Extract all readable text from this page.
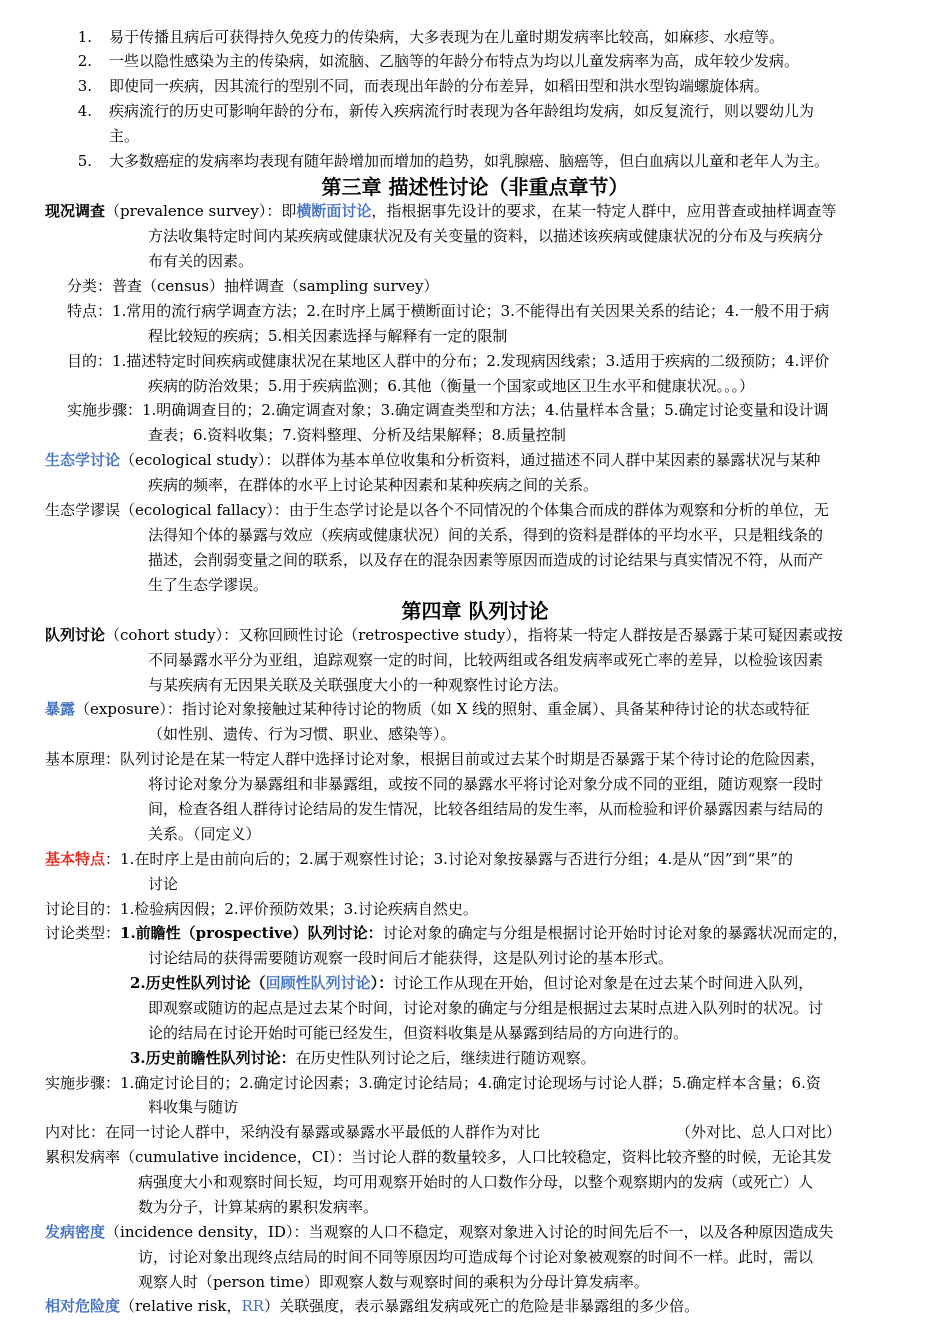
1. 易于传播且病后可获得持久免疫力的传染病，大多表现为在儿童时期发病率比较高，如麻疹、水痘等。
2. 一些以隐性感染为主的传染病，如流脑、乙脑等的年龄分布特点为均以儿童发病率为高，成年较少发病。
3. 即使同一疾病，因其流行的型别不同，而表现出年龄的分布差异，如稻田型和洪水型钩端螺旋体病。
4. 疾病流行的历史可影响年龄的分布，新传入疾病流行时表现为各年龄组均发病，如反复流行，则以婴幼儿为
主。
5. 大多数癌症的发病率均表现有随年龄增加而增加的趋势，如乳腺癌、脑癌等，但白血病以儿童和老年人为主。
第三章 描述性讨论（非重点章节）
现况调查（prevalence survey）：即横断面讨论，指根据事先设计的要求，在某一特定人群中，应用普查或抽样调查等
方法收集特定时间内某疾病或健康状况及有关变量的资料，以描述该疾病或健康状况的分布及与疾病分
布有关的因素。
分类：普查（census）抽样调查（sampling survey）
特点：1.常用的流行病学调查方法；2.在时序上属于横断面讨论；3.不能得出有关因果关系的结论；4.一般不用于病
程比较短的疾病；5.相关因素选择与解释有一定的限制
目的：1.描述特定时间疾病或健康状况在某地区人群中的分布；2.发现病因线索；3.适用于疾病的二级预防；4.评价
疾病的防治效果；5.用于疾病监测；6.其他（衡量一个国家或地区卫生水平和健康状况。。。）
实施步骤：1.明确调查目的；2.确定调查对象；3.确定调查类型和方法；4.估量样本含量；5.确定讨论变量和设计调
查表；6.资料收集；7.资料整理、分析及结果解释；8.质量控制
生态学讨论（ecological study）：以群体为基本单位收集和分析资料，通过描述不同人群中某因素的暴露状况与某种
疾病的频率，在群体的水平上讨论某种因素和某种疾病之间的关系。
生态学谬误（ecological fallacy）：由于生态学讨论是以各个不同情况的个体集合而成的群体为观察和分析的单位，无
法得知个体的暴露与效应（疾病或健康状况）间的关系，得到的资料是群体的平均水平，只是粗线条的
描述，会削弱变量之间的联系，以及存在的混杂因素等原因而造成的讨论结果与真实情况不符，从而产
生了生态学谬误。
第四章 队列讨论
队列讨论（cohort study）：又称回顾性讨论（retrospective study），指将某一特定人群按是否暴露于某可疑因素或按
不同暴露水平分为亚组，追踪观察一定的时间，比较两组或各组发病率或死亡率的差异，以检验该因素
与某疾病有无因果关联及关联强度大小的一种观察性讨论方法。
暴露（exposure）：指讨论对象接触过某种待讨论的物质（如 X 线的照射、重金属）、具备某种待讨论的状态或特征
（如性别、遗传、行为习惯、职业、感染等）。
基本原理：队列讨论是在某一特定人群中选择讨论对象，根据目前或过去某个时期是否暴露于某个待讨论的危险因素，
将讨论对象分为暴露组和非暴露组，或按不同的暴露水平将讨论对象分成不同的亚组，随访观察一段时
间，检查各组人群待讨论结局的发生情况，比较各组结局的发生率，从而检验和评价暴露因素与结局的
关系。（同定义）
基本特点：1.在时序上是由前向后的；2.属于观察性讨论；3.讨论对象按暴露与否进行分组；4.是从“因”到“果”的
讨论
讨论目的：1.检验病因假；2.评价预防效果；3.讨论疾病自然史。
讨论类型：1.前瞻性（prospective）队列讨论：讨论对象的确定与分组是根据讨论开始时讨论对象的暴露状况而定的，
讨论结局的获得需要随访观察一段时间后才能获得，这是队列讨论的基本形式。
2.历史性队列讨论（回顾性队列讨论）：讨论工作从现在开始，但讨论对象是在过去某个时间进入队列，
即观察或随访的起点是过去某个时间，讨论对象的确定与分组是根据过去某时点进入队列时的状况。讨
论的结局在讨论开始时可能已经发生，但资料收集是从暴露到结局的方向进行的。
3.历史前瞻性队列讨论：在历史性队列讨论之后，继续进行随访观察。
实施步骤：1.确定讨论目的；2.确定讨论因素；3.确定讨论结局；4.确定讨论现场与讨论人群；5.确定样本含量；6.资
料收集与随访
内对比：在同一讨论人群中，采纳没有暴露或暴露水平最低的人群作为对比	（外对比、总人口对比）
累积发病率（cumulative incidence，CI）：当讨论人群的数量较多，人口比较稳定，资料比较齐整的时候，无论其发
病强度大小和观察时间长短，均可用观察开始时的人口数作分母，以整个观察期内的发病（或死亡）人
数为分子，计算某病的累积发病率。
发病密度（incidence density，ID）：当观察的人口不稳定，观察对象进入讨论的时间先后不一，以及各种原因造成失
访，讨论对象出现终点结局的时间不同等原因均可造成每个讨论对象被观察的时间不一样。此时，需以
观察人时（person time）即观察人数与观察时间的乘积为分母计算发病率。
相对危险度（relative risk，RR）关联强度，表示暴露组发病或死亡的危险是非暴露组的多少倍。
